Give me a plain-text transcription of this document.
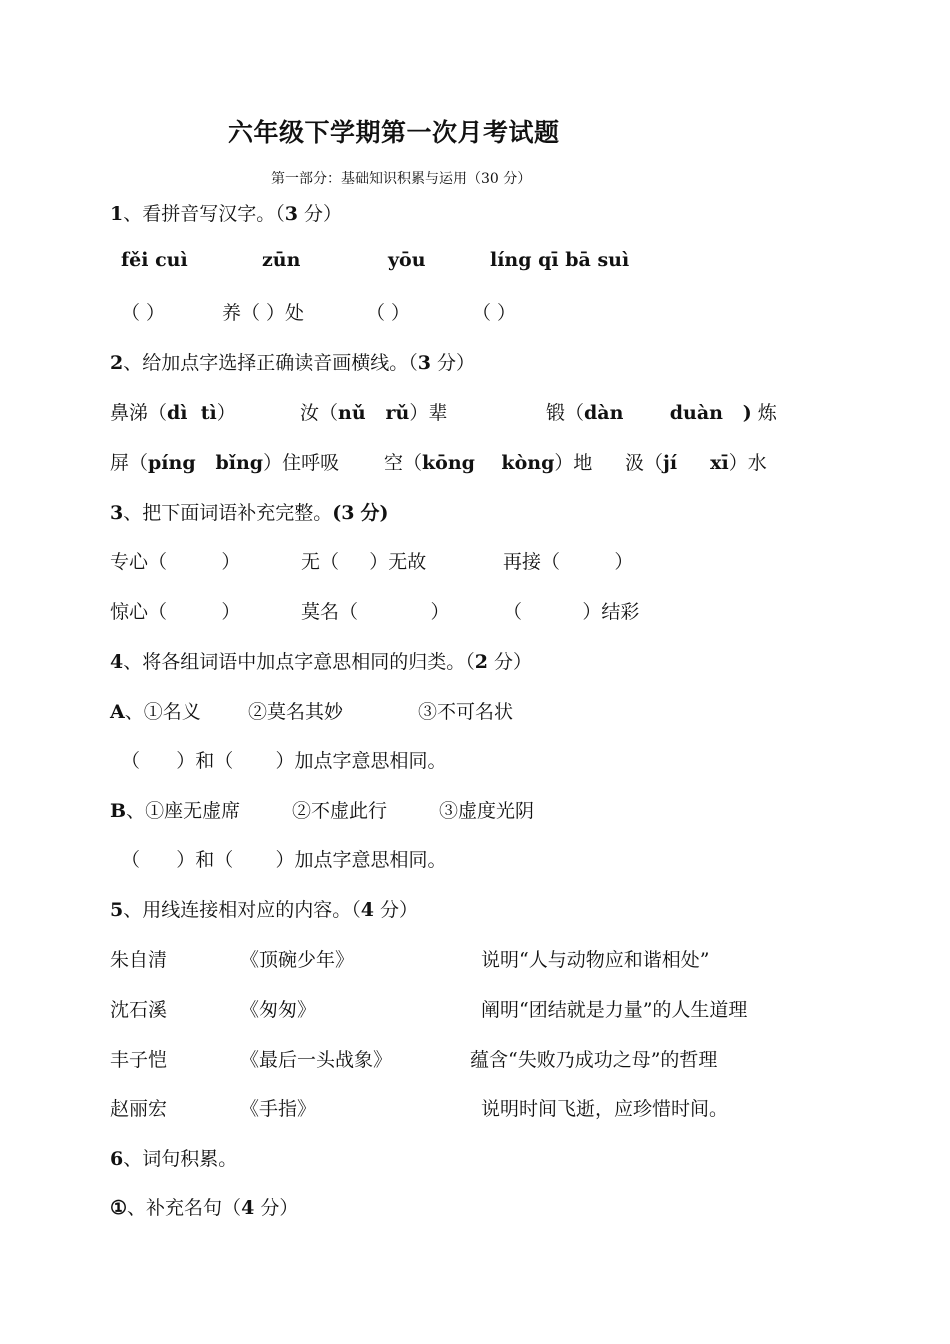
六年级下学期第一次月考试题
第一部分：基础知识积累与运用（30 分）
1、看拼音写汉字。（3 分）
fěi cuì	zūn	yōu	líng qī bā suì
（ ）	养（ ）处	（ ）	（ ）
2、给加点字选择正确读音画横线。（3 分）
鼻涕（dì  tì）	汝（nǔ   rǔ）辈	锻（dàn       duàn   ) 炼
屏（píng   bǐng）住呼吸 空（kōng    kòng）地 汲（jí     xī）水
3、把下面词语补充完整。(3 分)
专心（         ）	无（     ）无故	再接（         ）
惊心（         ）	莫名（            ）	（          ）结彩
4、将各组词语中加点字意思相同的归类。（2 分）
A、①名义 ②莫名其妙	③不可名状
（      ）和（       ）加点字意思相同。
B、①座无虚席	②不虚此行	③虚度光阴
（      ）和（       ）加点字意思相同。
5、用线连接相对应的内容。（4 分）
朱自清	《顶碗少年》	说明“人与动物应和谐相处”
沈石溪	《匆匆》	阐明“团结就是力量”的人生道理
丰子恺	《最后一头战象》	蕴含“失败乃成功之母”的哲理
赵丽宏	《手指》	说明时间飞逝，应珍惜时间。
6、词句积累。
①、补充名句（4 分）
